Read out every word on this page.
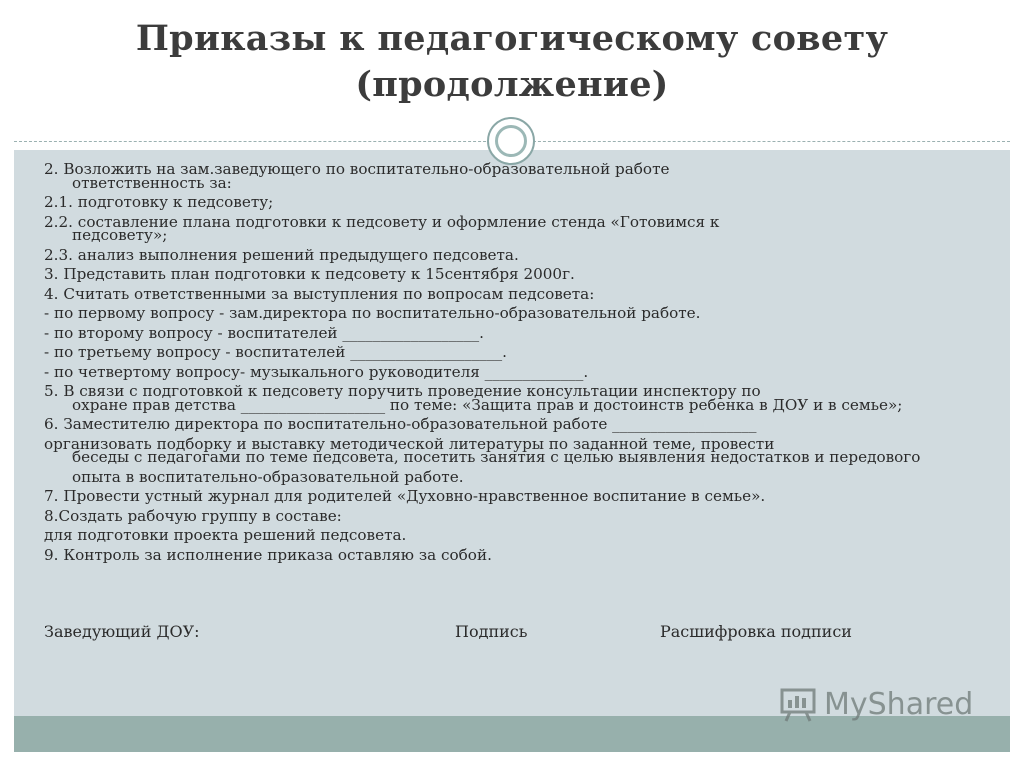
Приказы к педагогическому совету
(продолжение)
2. Возложить на зам.заведующего по воспитательно-образовательной работе
ответственность за:
2.1. подготовку к педсовету;
2.2. составление плана подготовки к педсовету и оформление стенда «Готовимся к
педсовету»;
2.3. анализ выполнения решений предыдущего педсовета.
3. Представить план подготовки к педсовету к 15сентября 2000г.
4. Считать ответственными за выступления по вопросам педсовета:
- по первому вопросу - зам.директора по воспитательно-образовательной работе.
- по второму вопросу - воспитателей __________________.
- по третьему вопросу - воспитателей ____________________.
- по четвертому вопросу- музыкального руководителя _____________.
5. В связи с подготовкой к педсовету поручить проведение консультации инспектору по
охране прав детства ___________________ по теме: «Защита прав и достоинств ребенка в ДОУ и в семье»;
6. Заместителю директора по воспитательно-образовательной работе ___________________
организовать подборку и выставку методической литературы по заданной теме, провести
беседы с педагогами по теме педсовета, посетить занятия с целью выявления недостатков и передового опыта в воспитательно-образовательной работе.
7. Провести устный журнал для родителей «Духовно-нравственное воспитание в семье».
8.Создать рабочую группу в составе:
для подготовки проекта решений педсовета.
9. Контроль за исполнение приказа оставляю за собой.
Заведующий ДОУ:	Подпись	Расшифровка подписи
MyShared
